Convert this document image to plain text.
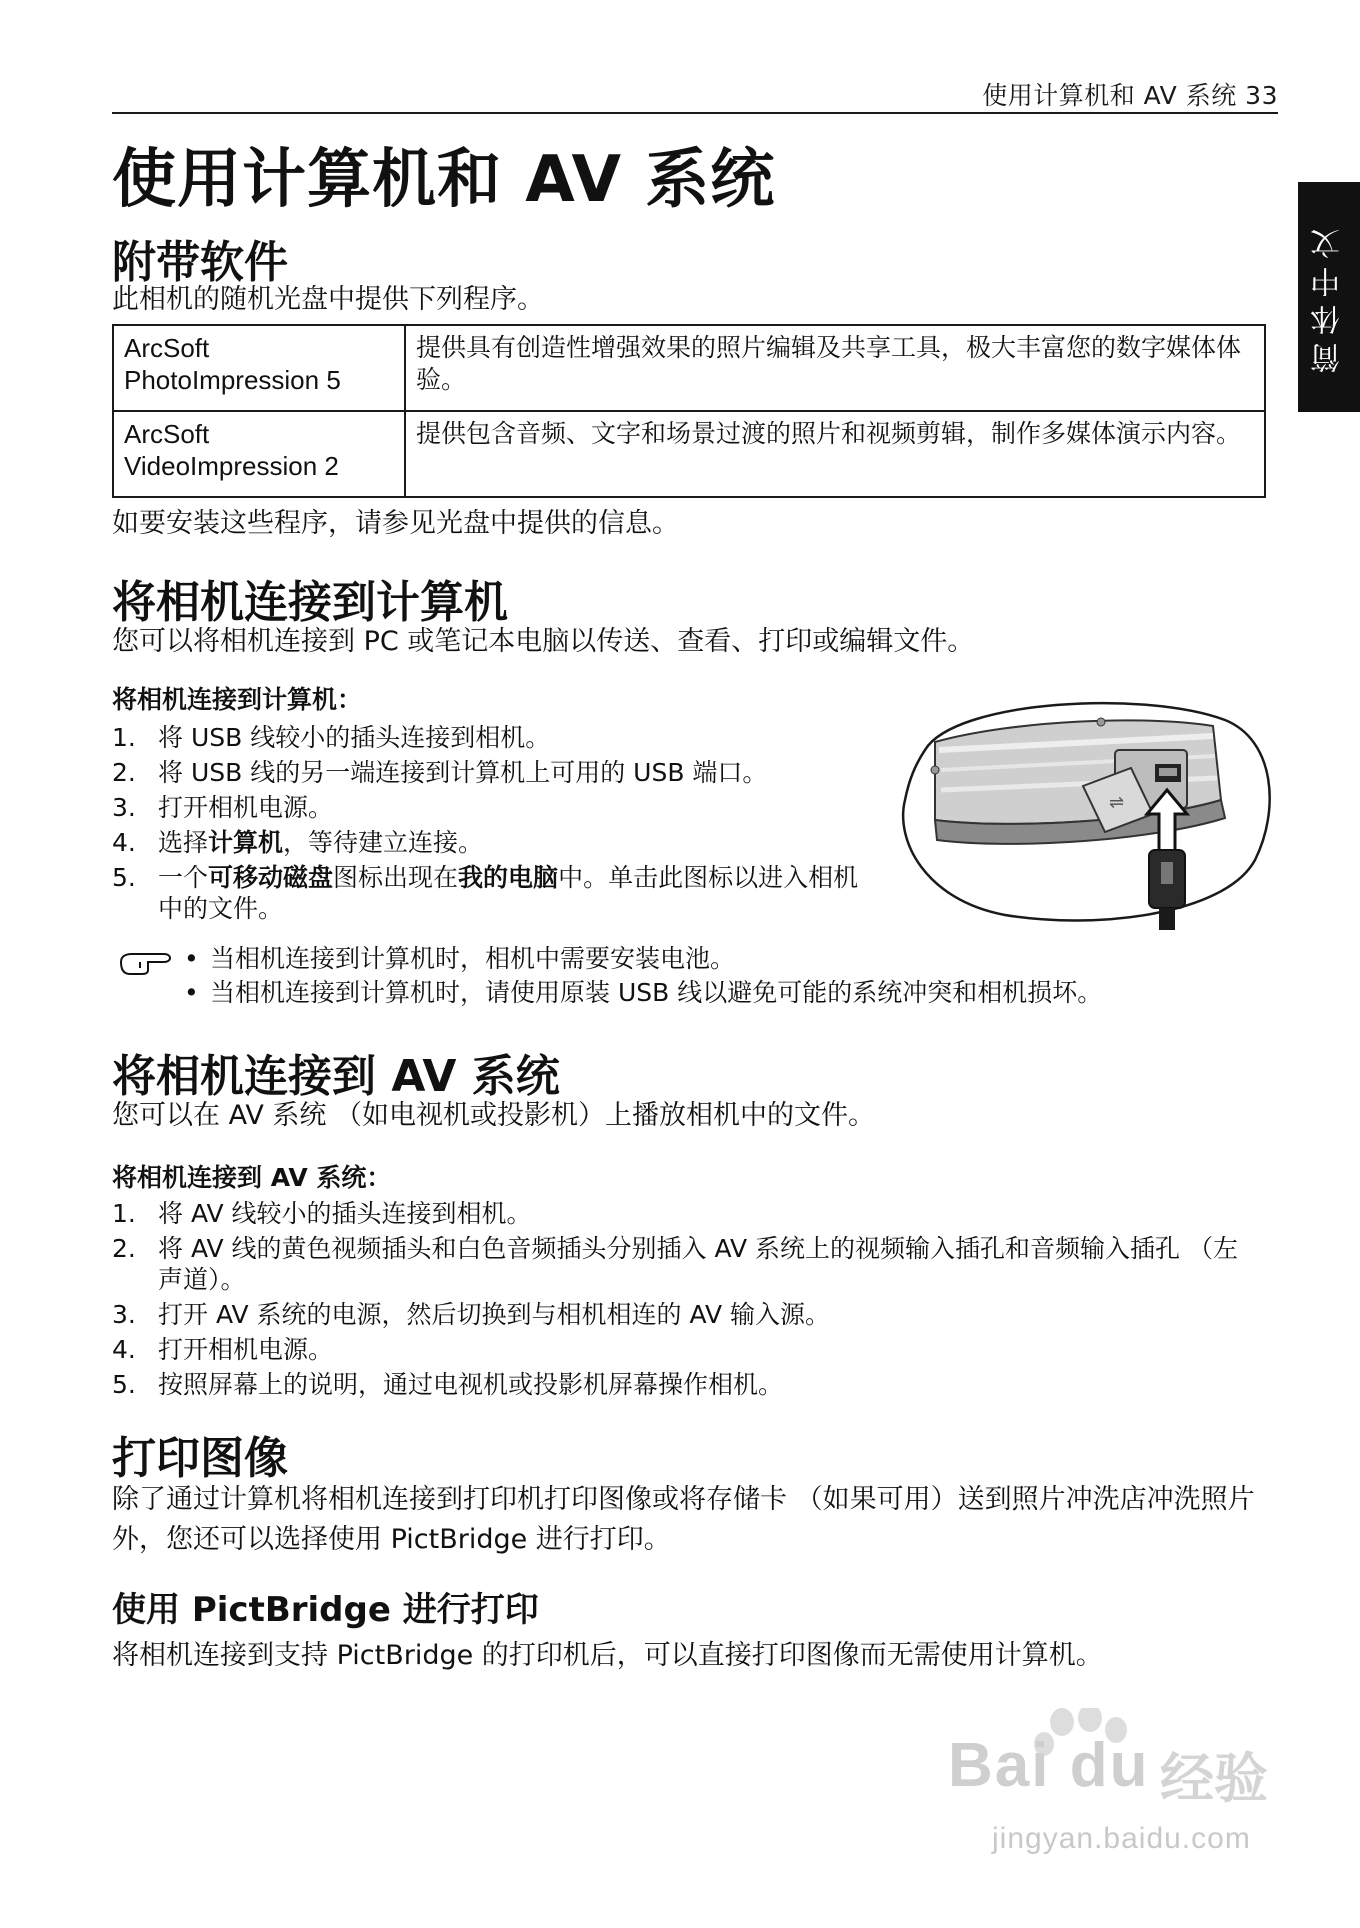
使用计算机和 AV 系统 33
简体中文
使用计算机和 AV 系统
附带软件
此相机的随机光盘中提供下列程序。
ArcSoft
PhotoImpression 5	提供具有创造性增强效果的照片编辑及共享工具，极大丰富您的数字媒体体验。

ArcSoft
VideoImpression 2	提供包含音频、文字和场景过渡的照片和视频剪辑，制作多媒体演示内容。
如要安装这些程序，请参见光盘中提供的信息。
将相机连接到计算机
您可以将相机连接到 PC 或笔记本电脑以传送、查看、打印或编辑文件。
将相机连接到计算机：
1. 将 USB 线较小的插头连接到相机。
2. 将 USB 线的另一端连接到计算机上可用的 USB 端口。
3. 打开相机电源。
4. 选择计算机，等待建立连接。
5. 一个可移动磁盘图标出现在我的电脑中。单击此图标以进入相机中的文件。
⇌
• 当相机连接到计算机时，相机中需要安装电池。
• 当相机连接到计算机时，请使用原装 USB 线以避免可能的系统冲突和相机损坏。
将相机连接到 AV 系统
您可以在 AV 系统 （如电视机或投影机）上播放相机中的文件。
将相机连接到 AV 系统：
1. 将 AV 线较小的插头连接到相机。
2. 将 AV 线的黄色视频插头和白色音频插头分别插入 AV 系统上的视频输入插孔和音频输入插孔 （左声道）。
3. 打开 AV 系统的电源，然后切换到与相机相连的 AV 输入源。
4. 打开相机电源。
5. 按照屏幕上的说明，通过电视机或投影机屏幕操作相机。
打印图像
除了通过计算机将相机连接到打印机打印图像或将存储卡 （如果可用）送到照片冲洗店冲洗照片外，您还可以选择使用 PictBridge 进行打印。
使用 PictBridge 进行打印
将相机连接到支持 PictBridge 的打印机后，可以直接打印图像而无需使用计算机。
Bai du 经验
jingyan.baidu.com
